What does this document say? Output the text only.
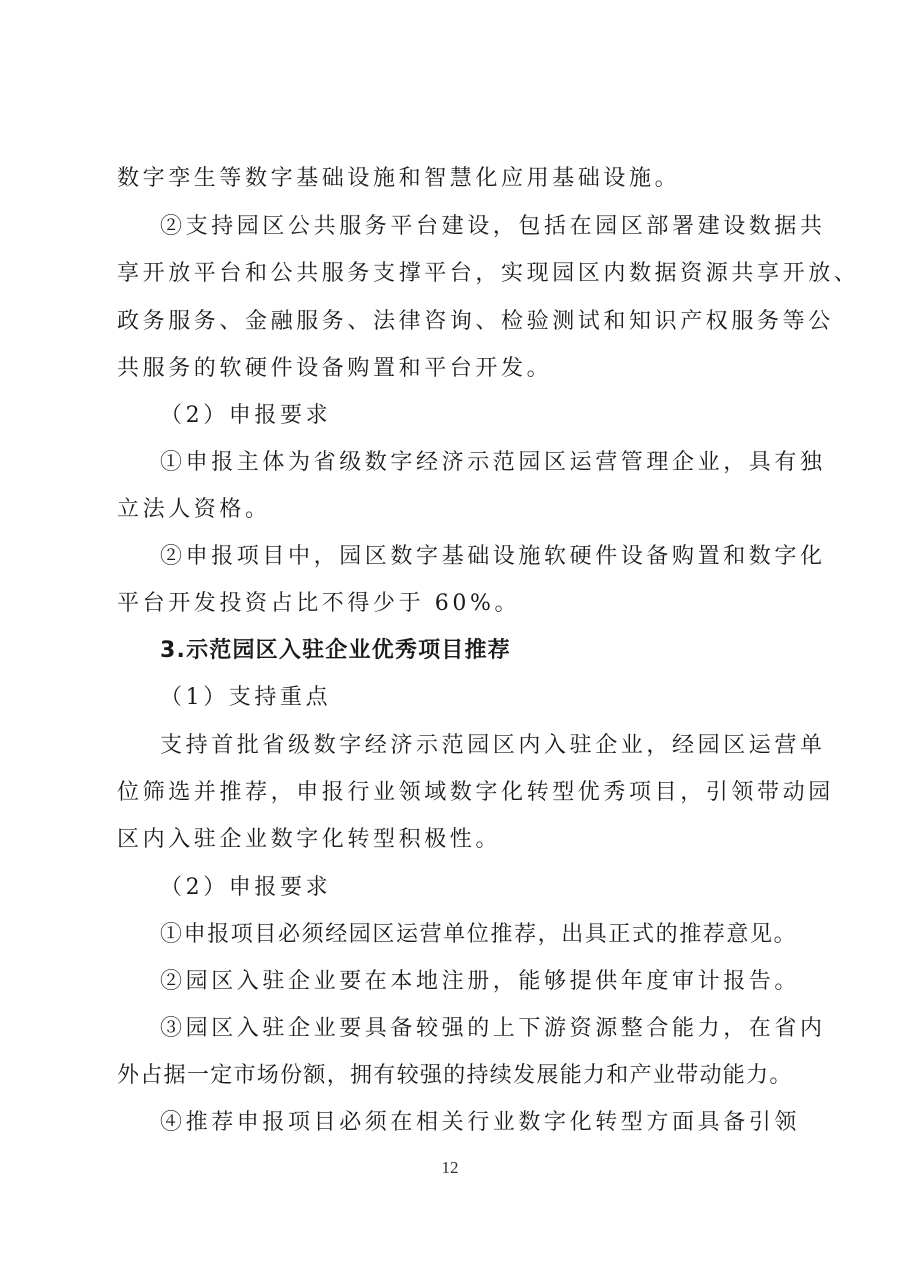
数字孪生等数字基础设施和智慧化应用基础设施。

②支持园区公共服务平台建设，包括在园区部署建设数据共

享开放平台和公共服务支撑平台，实现园区内数据资源共享开放、

政务服务、金融服务、法律咨询、检验测试和知识产权服务等公

共服务的软硬件设备购置和平台开发。

（2）申报要求

①申报主体为省级数字经济示范园区运营管理企业，具有独

立法人资格。

②申报项目中，园区数字基础设施软硬件设备购置和数字化

平台开发投资占比不得少于 60%。

3.示范园区入驻企业优秀项目推荐

（1）支持重点

支持首批省级数字经济示范园区内入驻企业，经园区运营单

位筛选并推荐，申报行业领域数字化转型优秀项目，引领带动园

区内入驻企业数字化转型积极性。

（2）申报要求

①申报项目必须经园区运营单位推荐，出具正式的推荐意见。

②园区入驻企业要在本地注册，能够提供年度审计报告。

③园区入驻企业要具备较强的上下游资源整合能力，在省内

外占据一定市场份额，拥有较强的持续发展能力和产业带动能力。

④推荐申报项目必须在相关行业数字化转型方面具备引领

12
